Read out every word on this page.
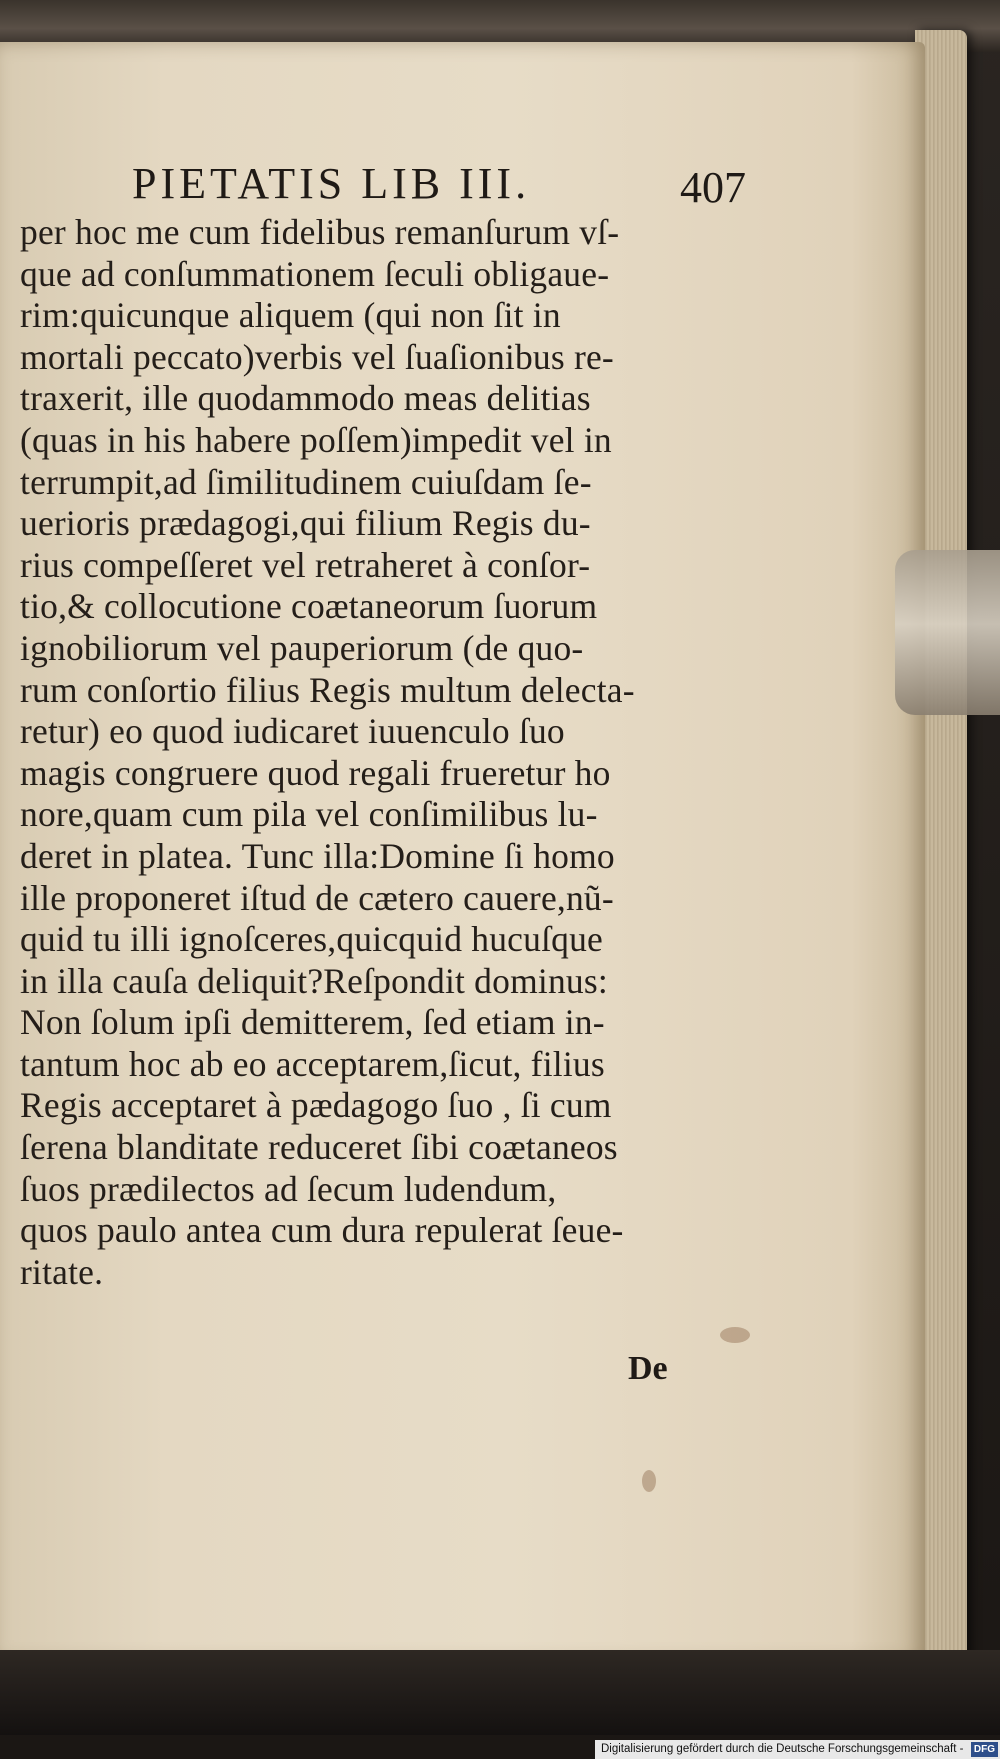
PIETATIS LIB III.	407
per hoc me cum fidelibus remanſurum vſ-
que ad conſummationem ſeculi obligaue-
rim:quicunque aliquem (qui non ſit in
mortali peccato)verbis vel ſuaſionibus re-
traxerit, ille quodammodo meas delitias
(quas in his habere poſſem)impedit vel in
terrumpit,ad ſimilitudinem cuiuſdam ſe-
uerioris prædagogi,qui filium Regis du-
rius compeſſeret vel retraheret à conſor-
tio,& collocutione coætaneorum ſuorum
ignobiliorum vel pauperiorum (de quo-
rum conſortio filius Regis multum delecta-
retur) eo quod iudicaret iuuenculo ſuo
magis congruere quod regali frueretur ho
nore,quam cum pila vel conſimilibus lu-
deret in platea. Tunc illa:Domine ſi homo
ille proponeret iſtud de cætero cauere,nũ-
quid tu illi ignoſceres,quicquid hucuſque
in illa cauſa deliquit?Reſpondit dominus:
Non ſolum ipſi demitterem, ſed etiam in-
tantum hoc ab eo acceptarem,ſicut, filius
Regis acceptaret à pædagogo ſuo , ſi cum
ſerena blanditate reduceret ſibi coætaneos
ſuos prædilectos ad ſecum ludendum,
quos paulo antea cum dura repulerat ſeue-
ritate.
De
Digitalisierung gefördert durch die Deutsche Forschungsgemeinschaft -	DFG
